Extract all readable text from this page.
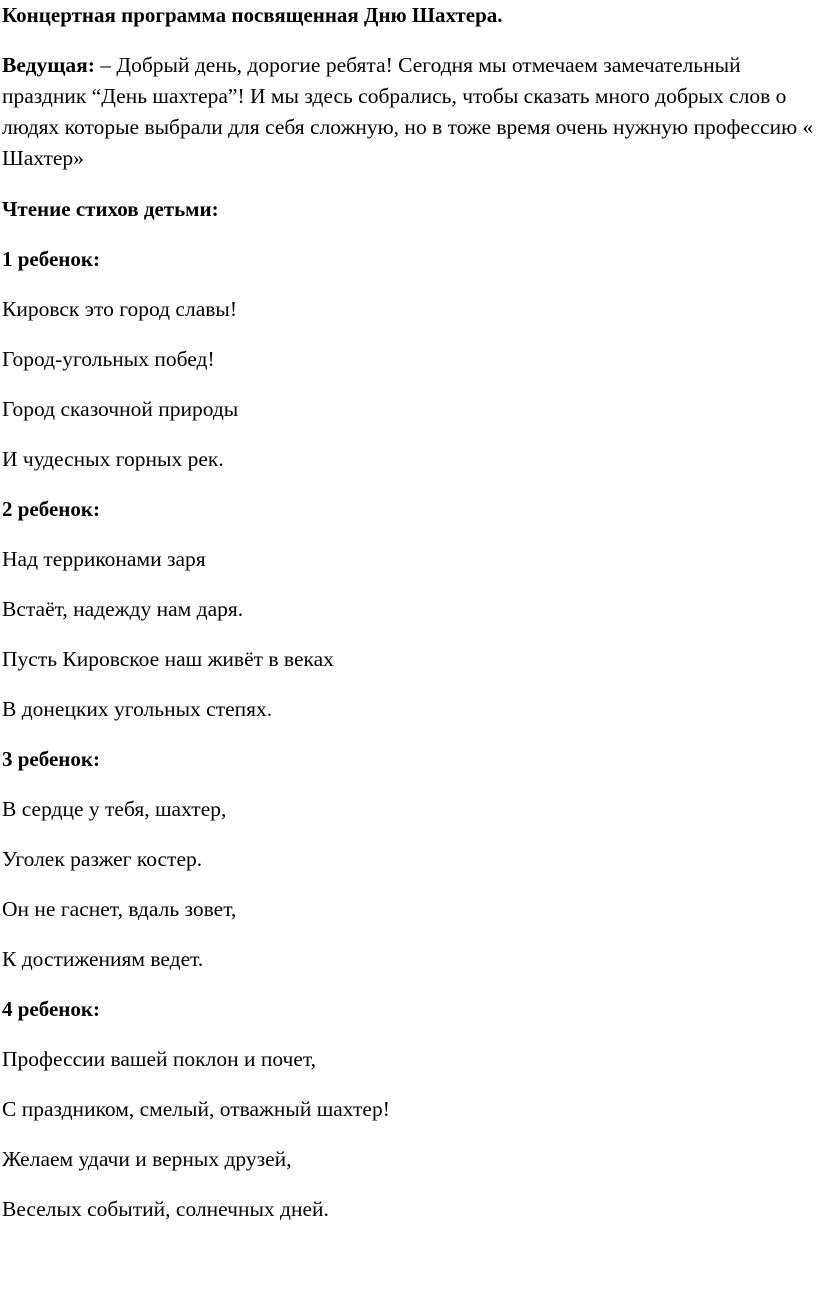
Концертная программа посвященная Дню Шахтера.

Ведущая: – Добрый день, дорогие ребята! Сегодня мы отмечаем замечательный праздник “День шахтера”! И мы здесь собрались, чтобы сказать много добрых слов о людях которые выбрали для себя сложную, но в тоже время очень нужную профессию « Шахтер»

Чтение стихов детьми:

1 ребенок:

Кировск это город славы!

Город-угольных побед!

Город сказочной природы

И чудесных горных рек.

2 ребенок:

Над терриконами заря

Встаёт, надежду нам даря.

Пусть Кировское наш живёт в веках

В донецких угольных степях.

3 ребенок:

В сердце у тебя, шахтер,

Уголек разжег костер.

Он не гаснет, вдаль зовет,

К достижениям ведет.

4 ребенок:

Профессии вашей поклон и почет,

С праздником, смелый, отважный шахтер!

Желаем удачи и верных друзей,

Веселых событий, солнечных дней.
